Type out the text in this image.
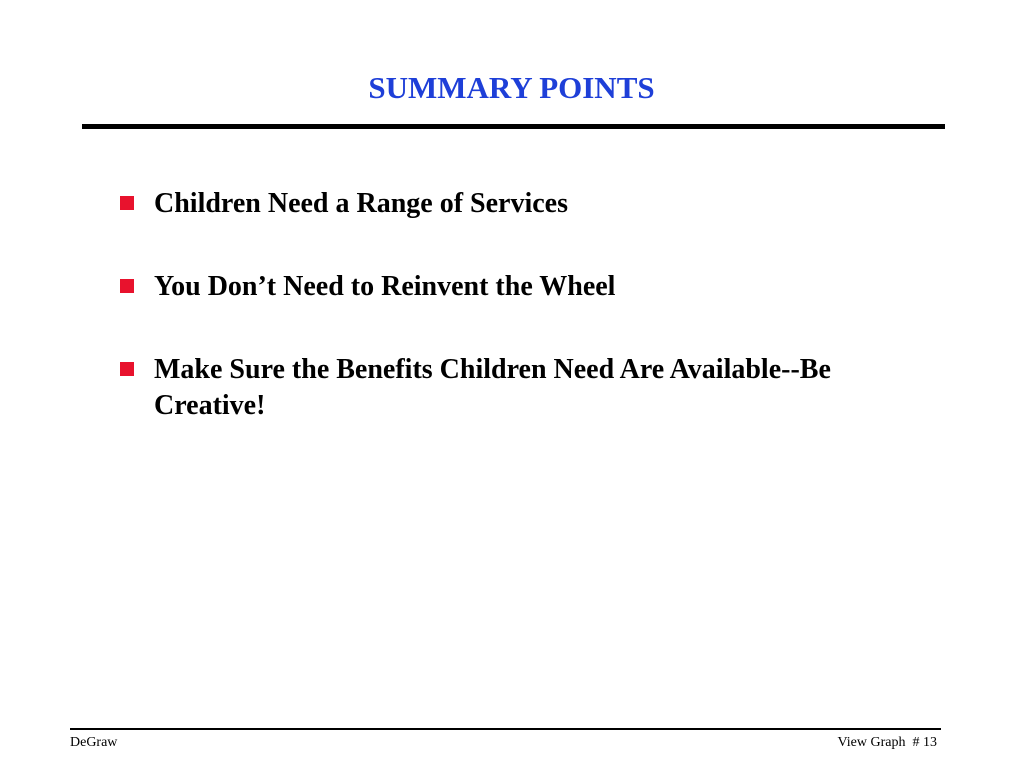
SUMMARY POINTS
Children Need a Range of Services
You Don’t Need to Reinvent the Wheel
Make Sure the Benefits Children Need Are Available--Be Creative!
DeGraw	View Graph  # 13
